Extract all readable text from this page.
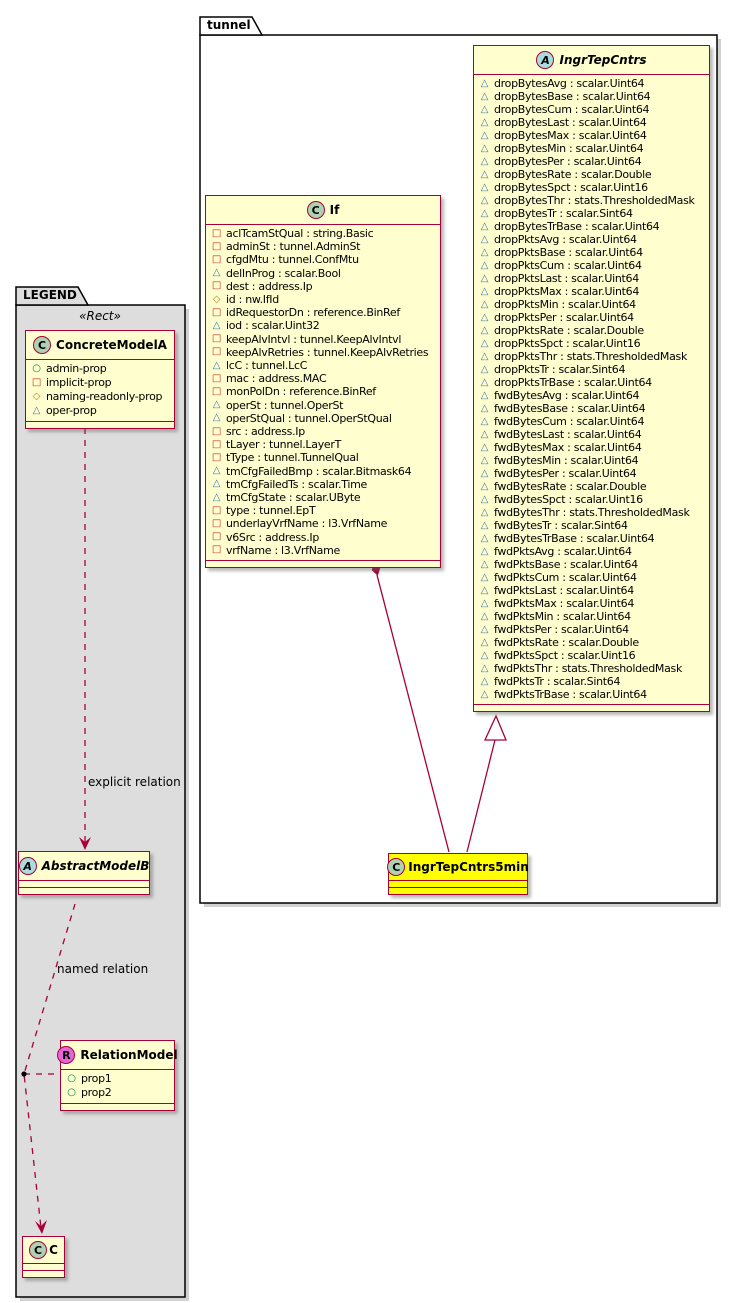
LEGEND
tunnel
«Rect»
explicit relation
named relation
C ConcreteModelA
○ admin-prop
□ implicit-prop
◇ naming-readonly-prop
△ oper-prop
A AbstractModelB
R RelationModel
○ prop1
○ prop2
C C
C If
□ aclTcamStQual : string.Basic
□ adminSt : tunnel.AdminSt
□ cfgdMtu : tunnel.ConfMtu
△ delInProg : scalar.Bool
□ dest : address.Ip
◇ id : nw.IfId
□ idRequestorDn : reference.BinRef
△ iod : scalar.Uint32
□ keepAlvIntvl : tunnel.KeepAlvIntvl
□ keepAlvRetries : tunnel.KeepAlvRetries
△ lcC : tunnel.LcC
□ mac : address.MAC
□ monPolDn : reference.BinRef
△ operSt : tunnel.OperSt
△ operStQual : tunnel.OperStQual
□ src : address.Ip
□ tLayer : tunnel.LayerT
□ tType : tunnel.TunnelQual
△ tmCfgFailedBmp : scalar.Bitmask64
△ tmCfgFailedTs : scalar.Time
△ tmCfgState : scalar.UByte
□ type : tunnel.EpT
□ underlayVrfName : l3.VrfName
□ v6Src : address.Ip
□ vrfName : l3.VrfName
A IngrTepCntrs
△ dropBytesAvg : scalar.Uint64
△ dropBytesBase : scalar.Uint64
△ dropBytesCum : scalar.Uint64
△ dropBytesLast : scalar.Uint64
△ dropBytesMax : scalar.Uint64
△ dropBytesMin : scalar.Uint64
△ dropBytesPer : scalar.Uint64
△ dropBytesRate : scalar.Double
△ dropBytesSpct : scalar.Uint16
△ dropBytesThr : stats.ThresholdedMask
△ dropBytesTr : scalar.Sint64
△ dropBytesTrBase : scalar.Uint64
△ dropPktsAvg : scalar.Uint64
△ dropPktsBase : scalar.Uint64
△ dropPktsCum : scalar.Uint64
△ dropPktsLast : scalar.Uint64
△ dropPktsMax : scalar.Uint64
△ dropPktsMin : scalar.Uint64
△ dropPktsPer : scalar.Uint64
△ dropPktsRate : scalar.Double
△ dropPktsSpct : scalar.Uint16
△ dropPktsThr : stats.ThresholdedMask
△ dropPktsTr : scalar.Sint64
△ dropPktsTrBase : scalar.Uint64
△ fwdBytesAvg : scalar.Uint64
△ fwdBytesBase : scalar.Uint64
△ fwdBytesCum : scalar.Uint64
△ fwdBytesLast : scalar.Uint64
△ fwdBytesMax : scalar.Uint64
△ fwdBytesMin : scalar.Uint64
△ fwdBytesPer : scalar.Uint64
△ fwdBytesRate : scalar.Double
△ fwdBytesSpct : scalar.Uint16
△ fwdBytesThr : stats.ThresholdedMask
△ fwdBytesTr : scalar.Sint64
△ fwdBytesTrBase : scalar.Uint64
△ fwdPktsAvg : scalar.Uint64
△ fwdPktsBase : scalar.Uint64
△ fwdPktsCum : scalar.Uint64
△ fwdPktsLast : scalar.Uint64
△ fwdPktsMax : scalar.Uint64
△ fwdPktsMin : scalar.Uint64
△ fwdPktsPer : scalar.Uint64
△ fwdPktsRate : scalar.Double
△ fwdPktsSpct : scalar.Uint16
△ fwdPktsThr : stats.ThresholdedMask
△ fwdPktsTr : scalar.Sint64
△ fwdPktsTrBase : scalar.Uint64
C IngrTepCntrs5min
